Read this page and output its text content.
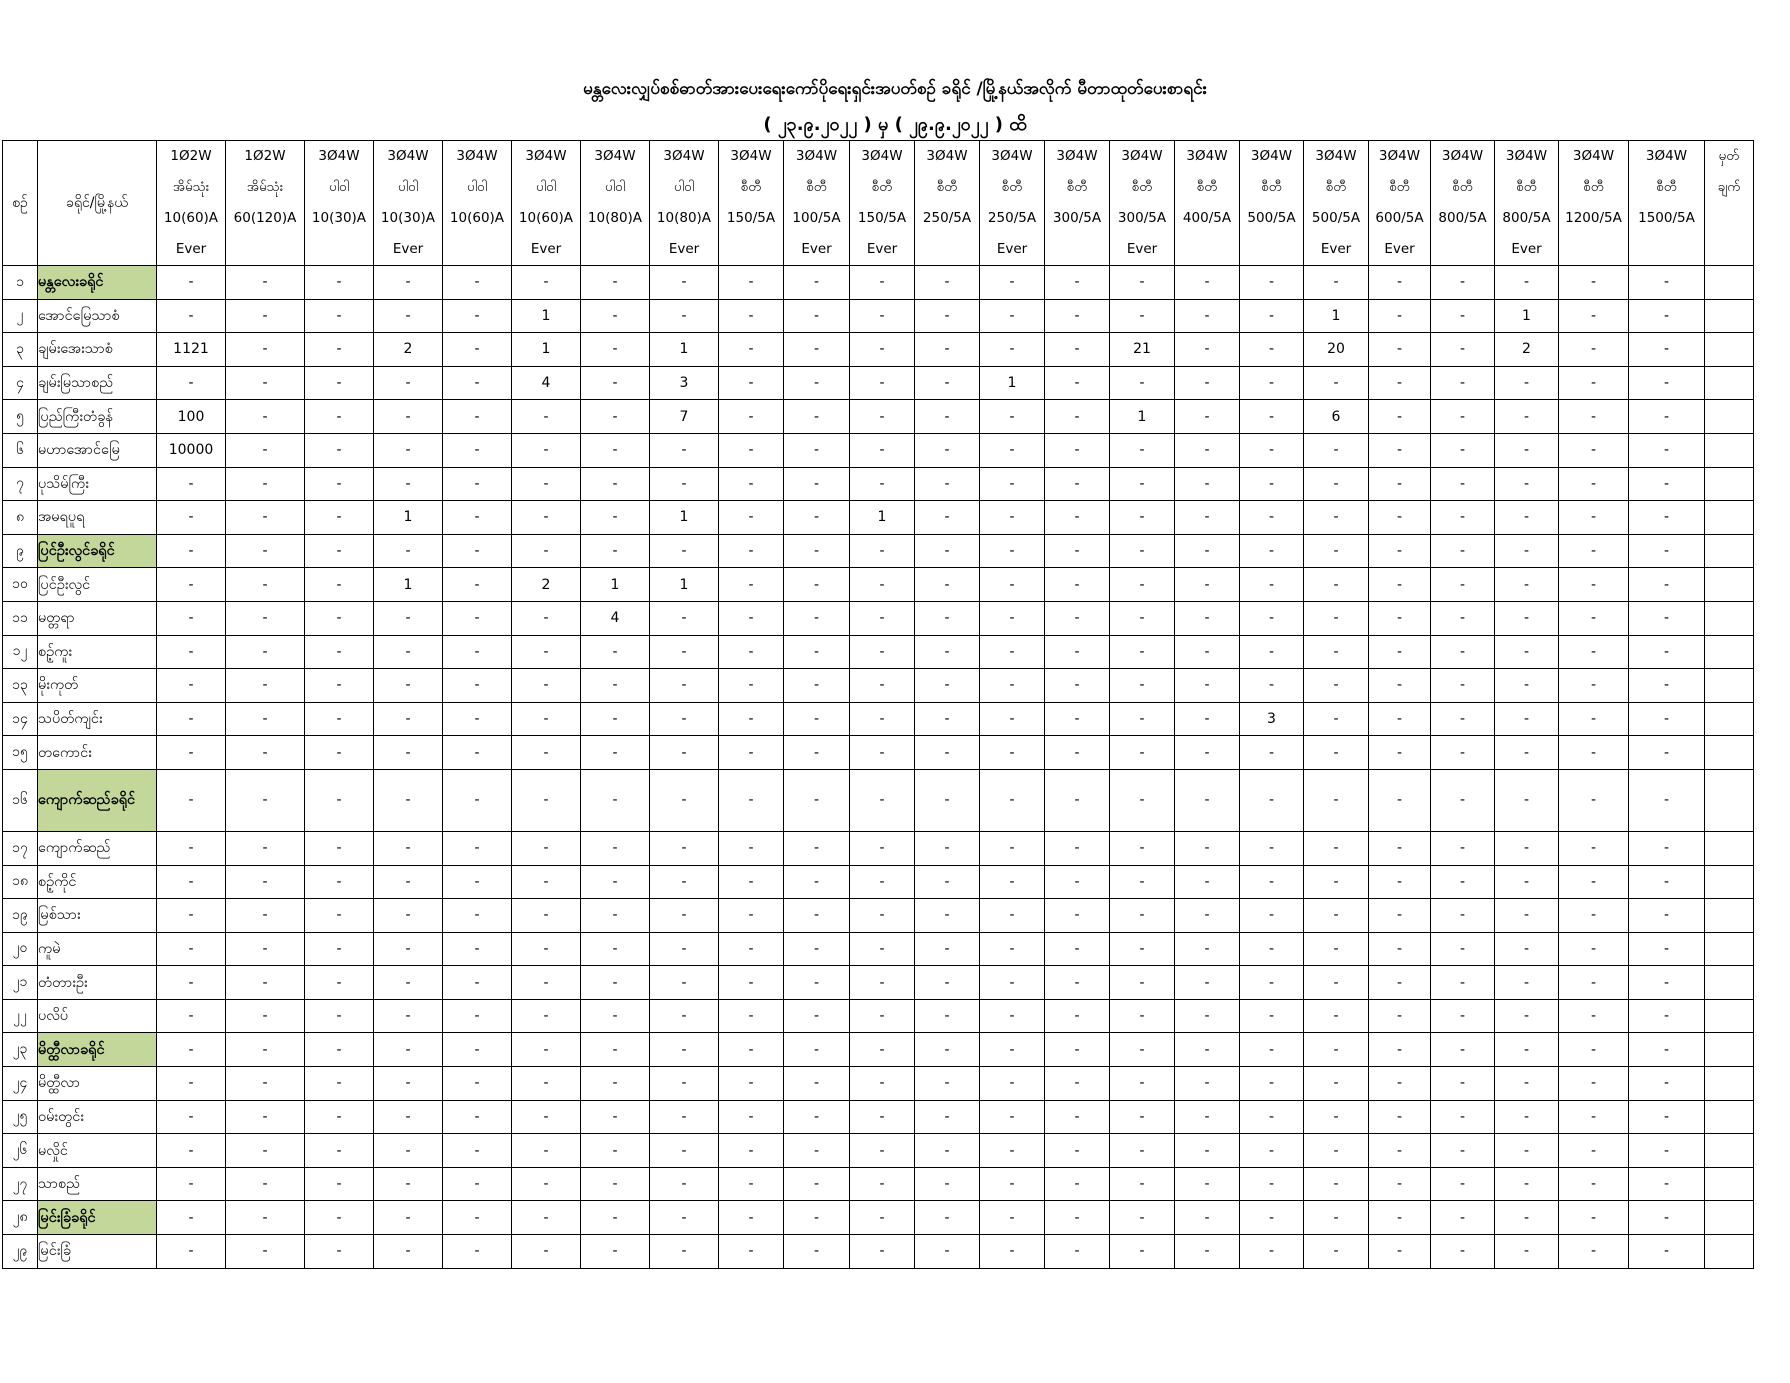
မန္တလေးလျှပ်စစ်ဓာတ်အားပေးရေးကော်ပိုရေးရှင်းအပတ်စဉ် ခရိုင် /မြို့နယ်အလိုက် မီတာထုတ်ပေးစာရင်း
( ၂၃.၉.၂၀၂၂ ) မှ ( ၂၉.၉.၂၀၂၂ ) ထိ
စဉ်	ခရိုင်/မြို့နယ်	1Ø2W
အိမ်သုံး
10(60)A
Ever	1Ø2W
အိမ်သုံး
60(120)A	3Ø4W
ပါဝါ
10(30)A	3Ø4W
ပါဝါ
10(30)A
Ever	3Ø4W
ပါဝါ
10(60)A	3Ø4W
ပါဝါ
10(60)A
Ever	3Ø4W
ပါဝါ
10(80)A	3Ø4W
ပါဝါ
10(80)A
Ever	3Ø4W
စီတီ
150/5A	3Ø4W
စီတီ
100/5A
Ever	3Ø4W
စီတီ
150/5A
Ever	3Ø4W
စီတီ
250/5A	3Ø4W
စီတီ
250/5A
Ever	3Ø4W
စီတီ
300/5A	3Ø4W
စီတီ
300/5A
Ever	3Ø4W
စီတီ
400/5A	3Ø4W
စီတီ
500/5A	3Ø4W
စီတီ
500/5A
Ever	3Ø4W
စီတီ
600/5A
Ever	3Ø4W
စီတီ
800/5A	3Ø4W
စီတီ
800/5A
Ever	3Ø4W
စီတီ
1200/5A	3Ø4W
စီတီ
1500/5A	မှတ်
ချက်

၁	မန္တလေးခရိုင်	-	-	-	-	-	-	-	-	-	-	-	-	-	-	-	-	-	-	-	-	-	-	-	
၂	အောင်မြေသာစံ	-	-	-	-	-	1	-	-	-	-	-	-	-	-	-	-	-	1	-	-	1	-	-	
၃	ချမ်းအေးသာစံ	1121	-	-	2	-	1	-	1	-	-	-	-	-	-	21	-	-	20	-	-	2	-	-	
၄	ချမ်းမြသာစည်	-	-	-	-	-	4	-	3	-	-	-	-	1	-	-	-	-	-	-	-	-	-	-	
၅	ပြည်ကြီးတံခွန်	100	-	-	-	-	-	-	7	-	-	-	-	-	-	1	-	-	6	-	-	-	-	-	
၆	မဟာအောင်မြေ	10000	-	-	-	-	-	-	-	-	-	-	-	-	-	-	-	-	-	-	-	-	-	-	
၇	ပုသိမ်ကြီး	-	-	-	-	-	-	-	-	-	-	-	-	-	-	-	-	-	-	-	-	-	-	-	
၈	အမရပူရ	-	-	-	1	-	-	-	1	-	-	1	-	-	-	-	-	-	-	-	-	-	-	-	
၉	ပြင်ဦးလွင်ခရိုင်	-	-	-	-	-	-	-	-	-	-	-	-	-	-	-	-	-	-	-	-	-	-	-	
၁၀	ပြင်ဦးလွင်	-	-	-	1	-	2	1	1	-	-	-	-	-	-	-	-	-	-	-	-	-	-	-	
၁၁	မတ္တရာ	-	-	-	-	-	-	4	-	-	-	-	-	-	-	-	-	-	-	-	-	-	-	-	
၁၂	စဉ့်ကူး	-	-	-	-	-	-	-	-	-	-	-	-	-	-	-	-	-	-	-	-	-	-	-	
၁၃	မိုးကုတ်	-	-	-	-	-	-	-	-	-	-	-	-	-	-	-	-	-	-	-	-	-	-	-	
၁၄	သပိတ်ကျင်း	-	-	-	-	-	-	-	-	-	-	-	-	-	-	-	-	3	-	-	-	-	-	-	
၁၅	တကောင်း	-	-	-	-	-	-	-	-	-	-	-	-	-	-	-	-	-	-	-	-	-	-	-	
၁၆	ကျောက်ဆည်ခရိုင်	-	-	-	-	-	-	-	-	-	-	-	-	-	-	-	-	-	-	-	-	-	-	-	
၁၇	ကျောက်ဆည်	-	-	-	-	-	-	-	-	-	-	-	-	-	-	-	-	-	-	-	-	-	-	-	
၁၈	စဉ့်ကိုင်	-	-	-	-	-	-	-	-	-	-	-	-	-	-	-	-	-	-	-	-	-	-	-	
၁၉	မြစ်သား	-	-	-	-	-	-	-	-	-	-	-	-	-	-	-	-	-	-	-	-	-	-	-	
၂၀	ကူမဲ	-	-	-	-	-	-	-	-	-	-	-	-	-	-	-	-	-	-	-	-	-	-	-	
၂၁	တံတားဦး	-	-	-	-	-	-	-	-	-	-	-	-	-	-	-	-	-	-	-	-	-	-	-	
၂၂	ပလိပ်	-	-	-	-	-	-	-	-	-	-	-	-	-	-	-	-	-	-	-	-	-	-	-	
၂၃	မိတ္ထီလာခရိုင်	-	-	-	-	-	-	-	-	-	-	-	-	-	-	-	-	-	-	-	-	-	-	-	
၂၄	မိတ္ထီလာ	-	-	-	-	-	-	-	-	-	-	-	-	-	-	-	-	-	-	-	-	-	-	-	
၂၅	ဝမ်းတွင်း	-	-	-	-	-	-	-	-	-	-	-	-	-	-	-	-	-	-	-	-	-	-	-	
၂၆	မလှိုင်	-	-	-	-	-	-	-	-	-	-	-	-	-	-	-	-	-	-	-	-	-	-	-	
၂၇	သာစည်	-	-	-	-	-	-	-	-	-	-	-	-	-	-	-	-	-	-	-	-	-	-	-	
၂၈	မြင်းခြံခရိုင်	-	-	-	-	-	-	-	-	-	-	-	-	-	-	-	-	-	-	-	-	-	-	-	
၂၉	မြင်းခြံ	-	-	-	-	-	-	-	-	-	-	-	-	-	-	-	-	-	-	-	-	-	-	-	
